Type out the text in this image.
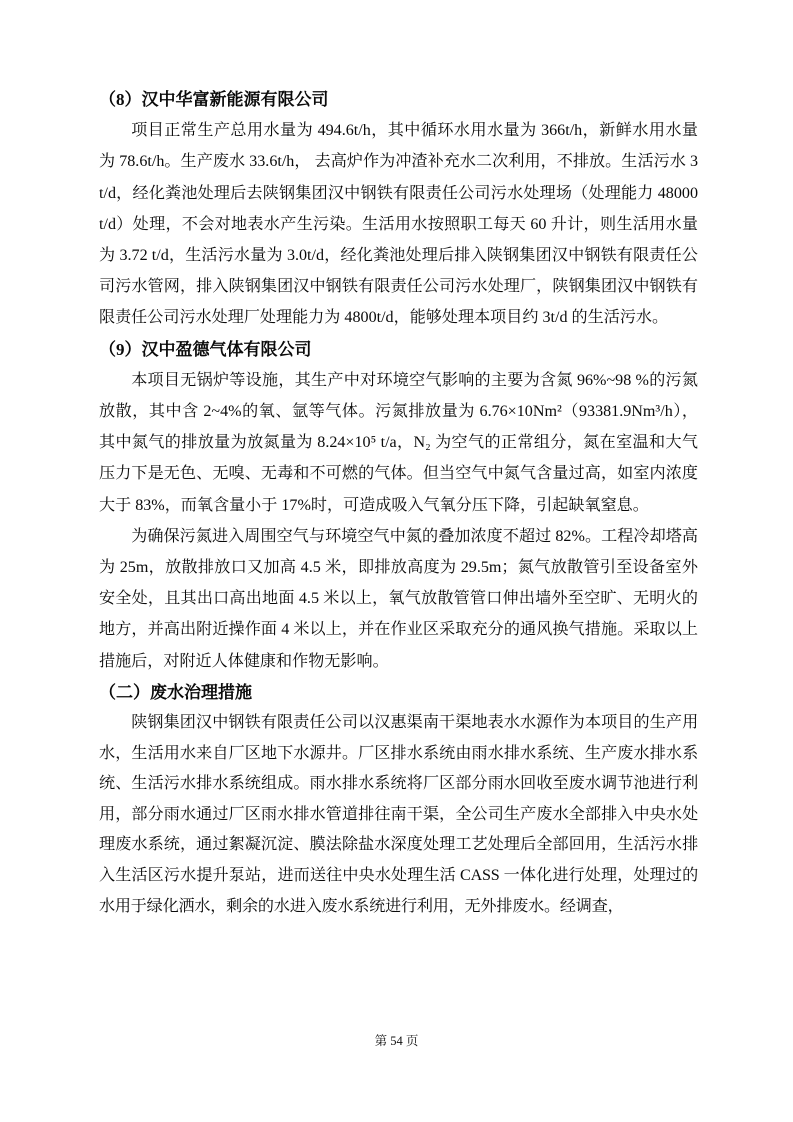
（8）汉中华富新能源有限公司

项目正常生产总用水量为 494.6t/h，其中循环水用水量为 366t/h，新鲜水用水量为 78.6t/h。生产废水 33.6t/h， 去高炉作为冲渣补充水二次利用，不排放。生活污水 3t/d，经化粪池处理后去陕钢集团汉中钢铁有限责任公司污水处理场（处理能力 48000t/d）处理，不会对地表水产生污染。生活用水按照职工每天 60 升计，则生活用水量为 3.72 t/d，生活污水量为 3.0t/d，经化粪池处理后排入陕钢集团汉中钢铁有限责任公司污水管网，排入陕钢集团汉中钢铁有限责任公司污水处理厂，陕钢集团汉中钢铁有限责任公司污水处理厂处理能力为 4800t/d，能够处理本项目约 3t/d 的生活污水。

（9）汉中盈德气体有限公司

本项目无锅炉等设施，其生产中对环境空气影响的主要为含氮 96%~98 %的污氮放散，其中含 2~4%的氧、氩等气体。污氮排放量为 6.76×10Nm²（93381.9Nm³/h），其中氮气的排放量为放氮量为 8.24×10⁵ t/a，N₂ 为空气的正常组分，氮在室温和大气压力下是无色、无嗅、无毒和不可燃的气体。但当空气中氮气含量过高，如室内浓度大于 83%，而氧含量小于 17%时，可造成吸入气氧分压下降，引起缺氧窒息。

为确保污氮进入周围空气与环境空气中氮的叠加浓度不超过 82%。工程冷却塔高为 25m，放散排放口又加高 4.5 米，即排放高度为 29.5m；氮气放散管引至设备室外安全处，且其出口高出地面 4.5 米以上，氧气放散管管口伸出墙外至空旷、无明火的地方，并高出附近操作面 4 米以上，并在作业区采取充分的通风换气措施。采取以上措施后，对附近人体健康和作物无影响。

（二）废水治理措施

陕钢集团汉中钢铁有限责任公司以汉惠渠南干渠地表水水源作为本项目的生产用水，生活用水来自厂区地下水源井。厂区排水系统由雨水排水系统、生产废水排水系统、生活污水排水系统组成。雨水排水系统将厂区部分雨水回收至废水调节池进行利用，部分雨水通过厂区雨水排水管道排往南干渠，全公司生产废水全部排入中央水处理废水系统，通过絮凝沉淀、膜法除盐水深度处理工艺处理后全部回用，生活污水排入生活区污水提升泵站，进而送往中央水处理生活 CASS 一体化进行处理，处理过的水用于绿化洒水，剩余的水进入废水系统进行利用，无外排废水。经调查，

第 54 页
